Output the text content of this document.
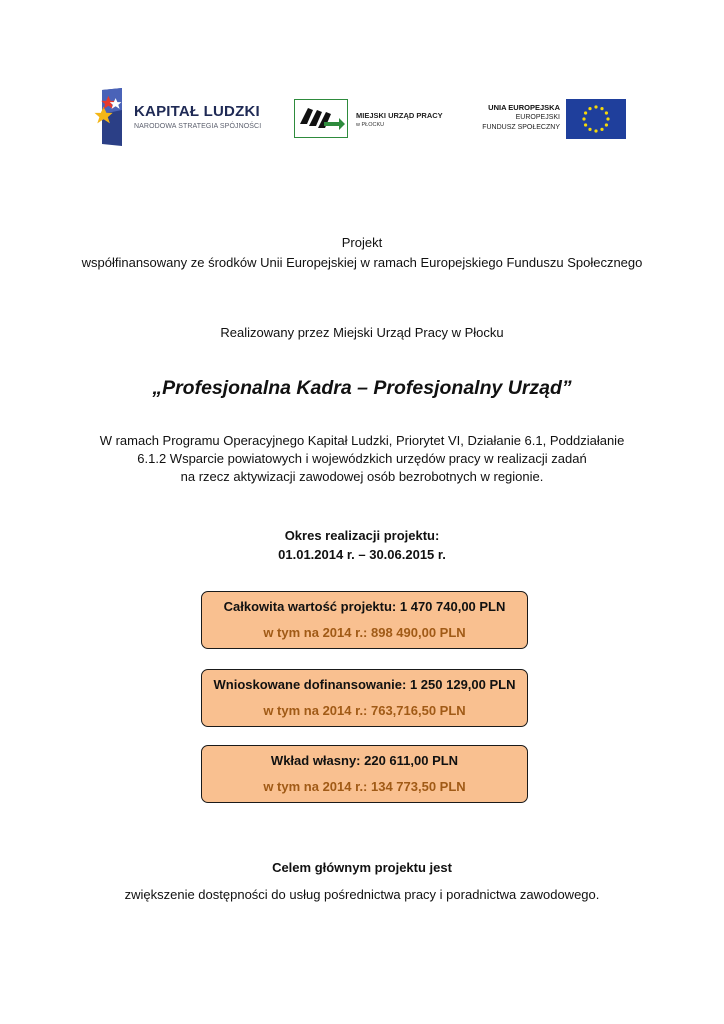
KAPITAŁ LUDZKI
NARODOWA STRATEGIA SPÓJNOŚCI
MIEJSKI URZĄD PRACY
w PŁOCKU
UNIA EUROPEJSKA
EUROPEJSKI
FUNDUSZ SPOŁECZNY
Projekt
współfinansowany ze środków Unii Europejskiej w ramach Europejskiego Funduszu Społecznego
Realizowany przez Miejski Urząd Pracy w Płocku
„Profesjonalna Kadra – Profesjonalny Urząd”
W ramach Programu Operacyjnego Kapitał Ludzki, Priorytet VI, Działanie 6.1, Poddziałanie
6.1.2 Wsparcie powiatowych i wojewódzkich urzędów pracy w realizacji zadań
na rzecz aktywizacji zawodowej osób bezrobotnych w regionie.
Okres realizacji projektu:
01.01.2014 r. – 30.06.2015 r.
Całkowita wartość projektu: 1 470 740,00 PLN
w tym na 2014 r.: 898 490,00 PLN
Wnioskowane dofinansowanie: 1 250 129,00 PLN
w tym na 2014 r.: 763,716,50 PLN
Wkład własny: 220 611,00 PLN
w tym na 2014 r.: 134 773,50 PLN
Celem głównym projektu jest
zwiększenie dostępności do usług pośrednictwa pracy i poradnictwa zawodowego.
